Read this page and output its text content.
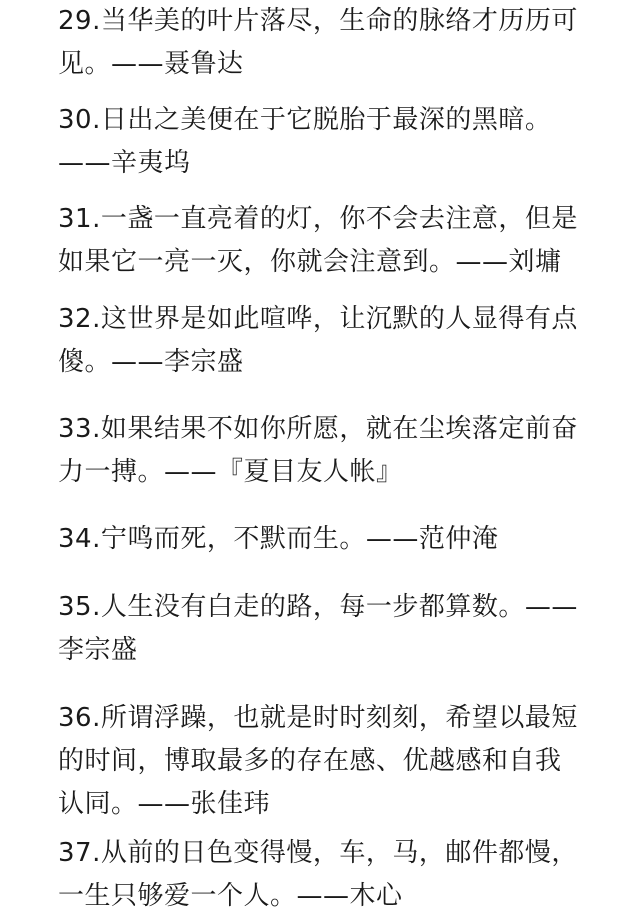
29.当华美的叶片落尽，生命的脉络才历历可
见。——聂鲁达
30.日出之美便在于它脱胎于最深的黑暗。
——辛夷坞
31.一盏一直亮着的灯，你不会去注意，但是
如果它一亮一灭，你就会注意到。——刘墉
32.这世界是如此喧哗，让沉默的人显得有点
傻。——李宗盛
33.如果结果不如你所愿，就在尘埃落定前奋
力一搏。——『夏目友人帐』
34.宁鸣而死，不默而生。——范仲淹
35.人生没有白走的路，每一步都算数。——
李宗盛
36.所谓浮躁，也就是时时刻刻，希望以最短
的时间，博取最多的存在感、优越感和自我
认同。——张佳玮
37.从前的日色变得慢，车，马，邮件都慢，
一生只够爱一个人。——木心
